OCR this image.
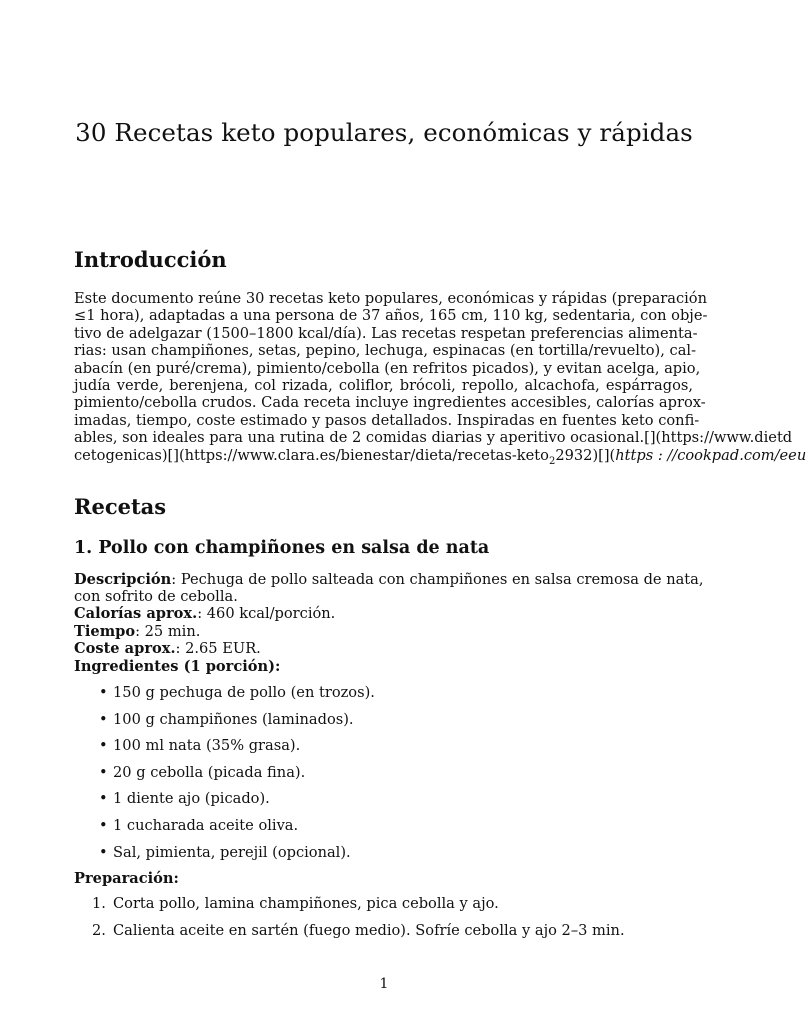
30 Recetas keto populares, económicas y rápidas
Introducción

Este documento reúne 30 recetas keto populares, económicas y rápidas (preparación

≤1 hora), adaptadas a una persona de 37 años, 165 cm, 110 kg, sedentaria, con obje-

tivo de adelgazar (1500–1800 kcal/día). Las recetas respetan preferencias alimenta-

rias: usan champiñones, setas, pepino, lechuga, espinacas (en tortilla/revuelto), cal-

abacín (en puré/crema), pimiento/cebolla (en refritos picados), y evitan acelga, apio,

judía verde, berenjena, col rizada, coliflor, brócoli, repollo, alcachofa, espárragos,

pimiento/cebolla crudos. Cada receta incluye ingredientes accesibles, calorías aprox-

imadas, tiempo, coste estimado y pasos detallados. Inspiradas en fuentes keto confi-

ables, son ideales para una rutina de 2 comidas diarias y aperitivo ocasional.[](https://www.dietd

cetogenicas)[](https://www.clara.es/bienestar/dieta/recetas-keto$_2$2932)[](https : //cookpad.com/eeu

Recetas
1. Pollo con champiñones en salsa de nata

Descripción: Pechuga de pollo salteada con champiñones en salsa cremosa de nata,

con sofrito de cebolla.

Calorías aprox.: 460 kcal/porción.

Tiempo: 25 min.

Coste aprox.: 2.65 EUR.

Ingredientes (1 porción):

• 150 g pechuga de pollo (en trozos).
• 100 g champiñones (laminados).
• 100 ml nata (35% grasa).
• 20 g cebolla (picada fina).
• 1 diente ajo (picado).
• 1 cucharada aceite oliva.
• Sal, pimienta, perejil (opcional).

Preparación:

1. Corta pollo, lamina champiñones, pica cebolla y ajo.
2. Calienta aceite en sartén (fuego medio). Sofríe cebolla y ajo 2–3 min.
1
